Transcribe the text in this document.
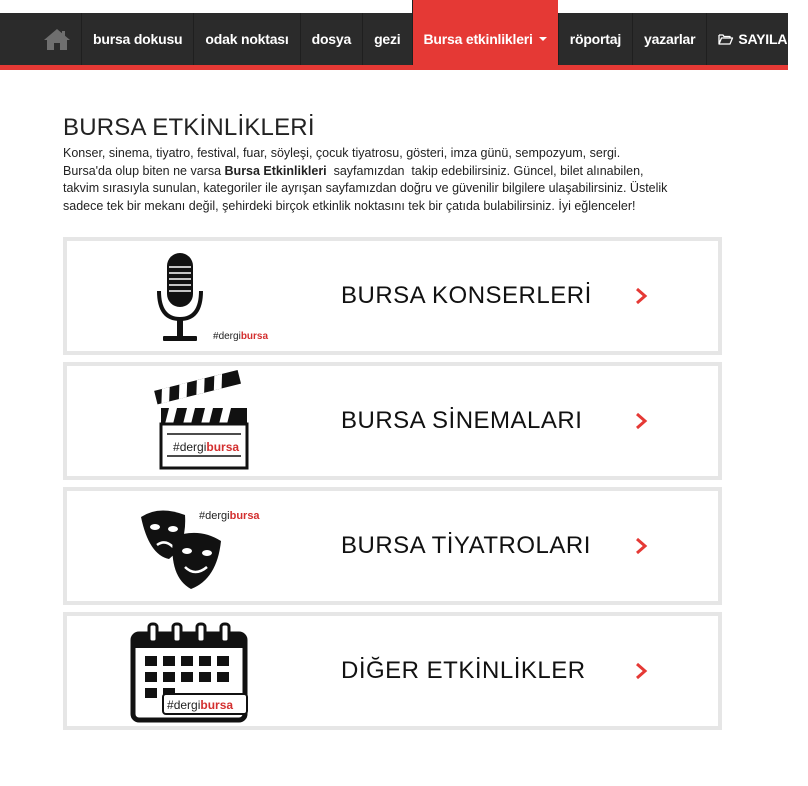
bursa dokusu odak noktası dosya gezi Bursa etkinlikleri	röportaj yazarlar	SAYILAR
BURSA ETKİNLİKLERİ
Konser, sinema, tiyatro, festival, fuar, söyleşi, çocuk tiyatrosu, gösteri, imza günü, sempozyum, sergi.
Bursa'da olup biten ne varsa Bursa Etkinlikleri  sayfamızdan  takip edebilirsiniz. Güncel, bilet alınabilen,
takvim sırasıyla sunulan, kategoriler ile ayrışan sayfamızdan doğru ve güvenilir bilgilere ulaşabilirsiniz. Üstelik
sadece tek bir mekanı değil, şehirdeki birçok etkinlik noktasını tek bir çatıda bulabilirsiniz. İyi eğlenceler!
#dergibursa
BURSA KONSERLERİ
#dergibursa
BURSA SİNEMALARI
#dergibursa
BURSA TİYATROLARI
#dergibursa
DİĞER ETKİNLİKLER
